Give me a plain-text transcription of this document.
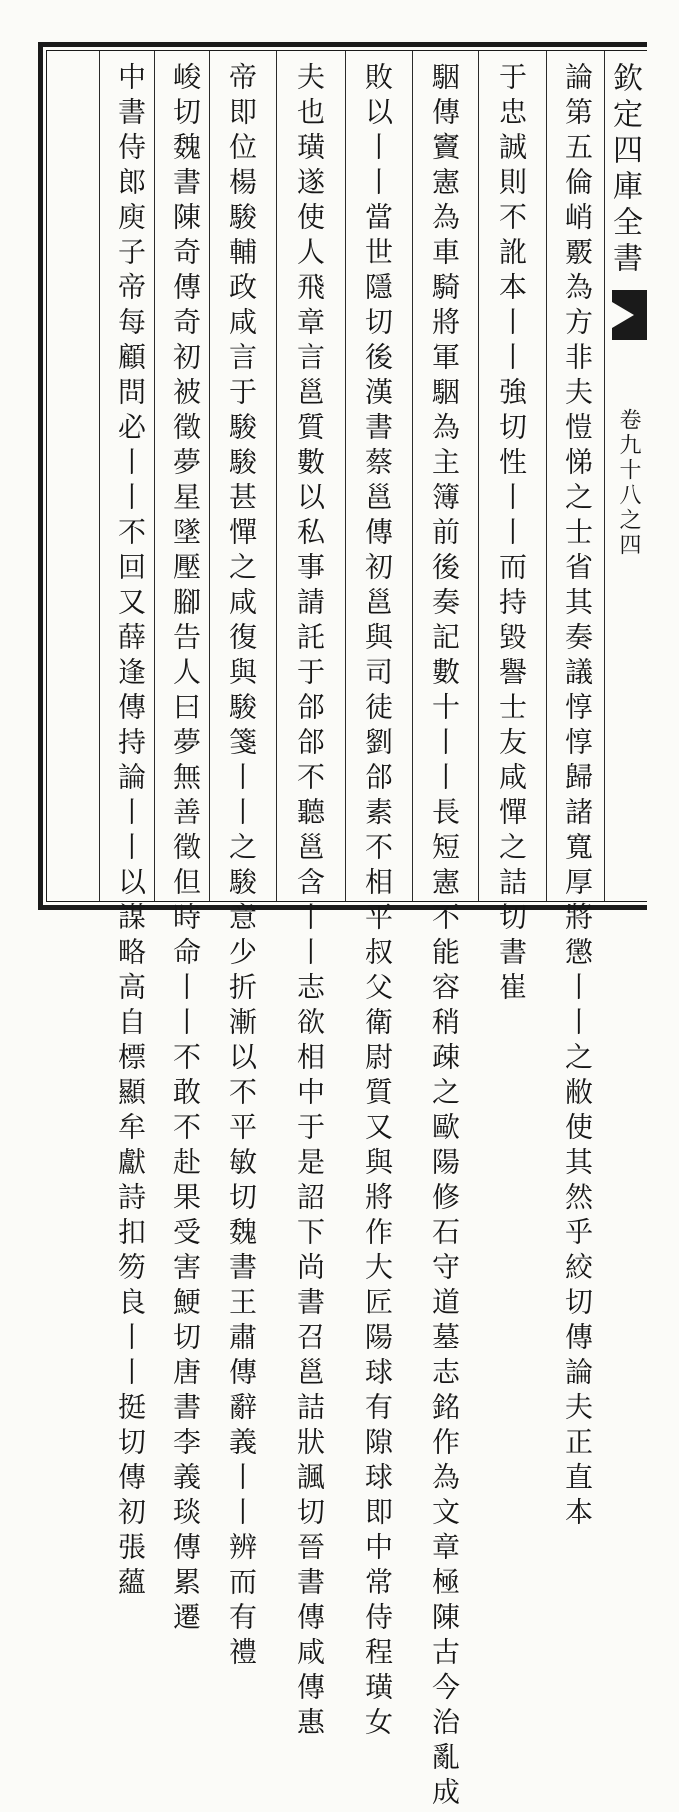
欽定四庫全書
卷九十八之四
論第五倫峭覈為方非夫愷悌之士省其奏議惇惇歸諸寬厚將懲丨丨之敝使其然乎絞切傳論夫正直本
于忠誠則不訛本丨丨強切性丨丨而持毀譽士友咸憚之詰切書崔
駰傳竇憲為車騎將軍駰為主簿前後奏記數十丨丨長短憲不能容稍疎之歐陽修石守道墓志銘作為文章極陳古今治亂成
敗以丨丨當世隱切後漢書蔡邕傳初邕與司徒劉郃素不相平叔父衛尉質又與將作大匠陽球有隙球即中常侍程璜女
夫也璜遂使人飛章言邕質數以私事請託于郃郃不聽邕含丨丨志欲相中于是詔下尚書召邕詰狀諷切晉書傳咸傳惠
帝即位楊駿輔政咸言于駿駿甚憚之咸復與駿箋丨丨之駿意少折漸以不平敏切魏書王肅傳辭義丨丨辨而有禮
峻切魏書陳奇傳奇初被徵夢星墜壓腳告人曰夢無善徵但時命丨丨不敢不赴果受害鯁切唐書李義琰傳累遷
中書侍郎庾子帝每顧問必丨丨不回又薛逢傳持論丨丨以謀略高自標顯牟獻詩扣笏良丨丨挺切傳初張蘊
